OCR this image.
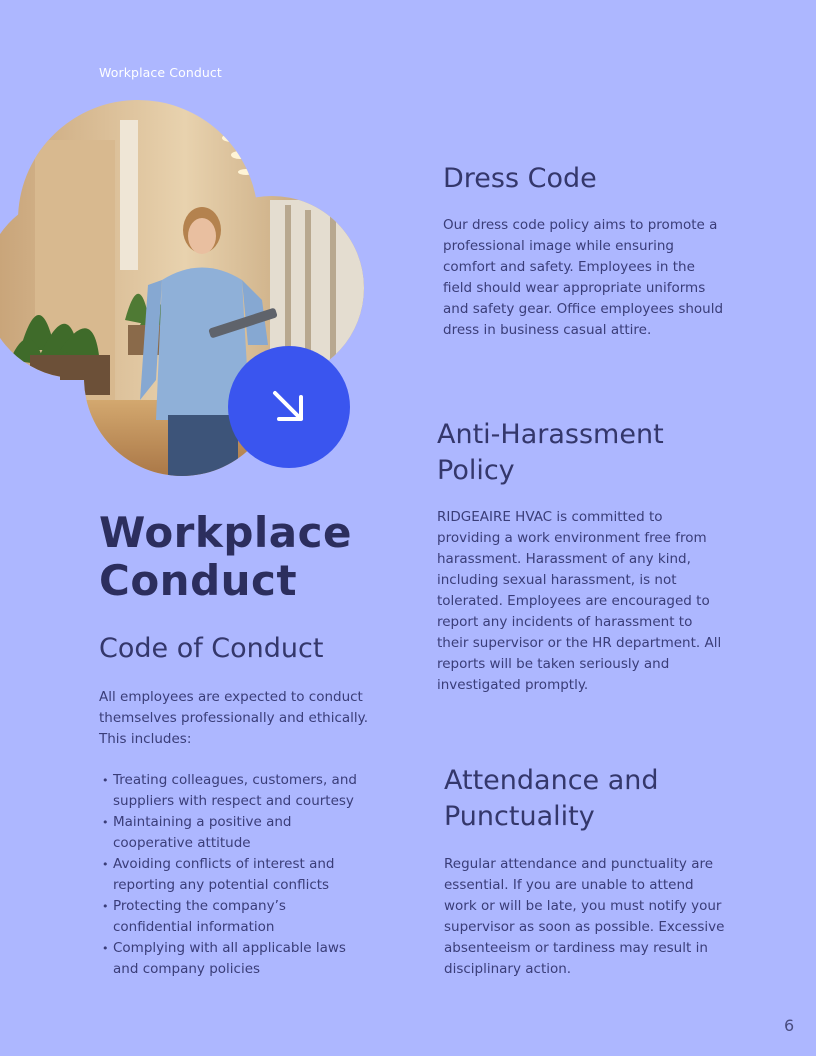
Workplace Conduct
Workplace
Conduct
Code of Conduct
All employees are expected to conduct themselves professionally and ethically. This includes:
• Treating colleagues, customers, and suppliers with respect and courtesy
• Maintaining a positive and cooperative attitude
• Avoiding conflicts of interest and reporting any potential conflicts
• Protecting the company’s confidential information
• Complying with all applicable laws and company policies
Dress Code
Our dress code policy aims to promote a professional image while ensuring comfort and safety. Employees in the field should wear appropriate uniforms and safety gear. Office employees should dress in business casual attire.
Anti-Harassment Policy
RIDGEAIRE HVAC is committed to providing a work environment free from harassment. Harassment of any kind, including sexual harassment, is not tolerated. Employees are encouraged to report any incidents of harassment to their supervisor or the HR department. All reports will be taken seriously and investigated promptly.
Attendance and Punctuality
Regular attendance and punctuality are essential. If you are unable to attend work or will be late, you must notify your supervisor as soon as possible. Excessive absenteeism or tardiness may result in disciplinary action.
6
